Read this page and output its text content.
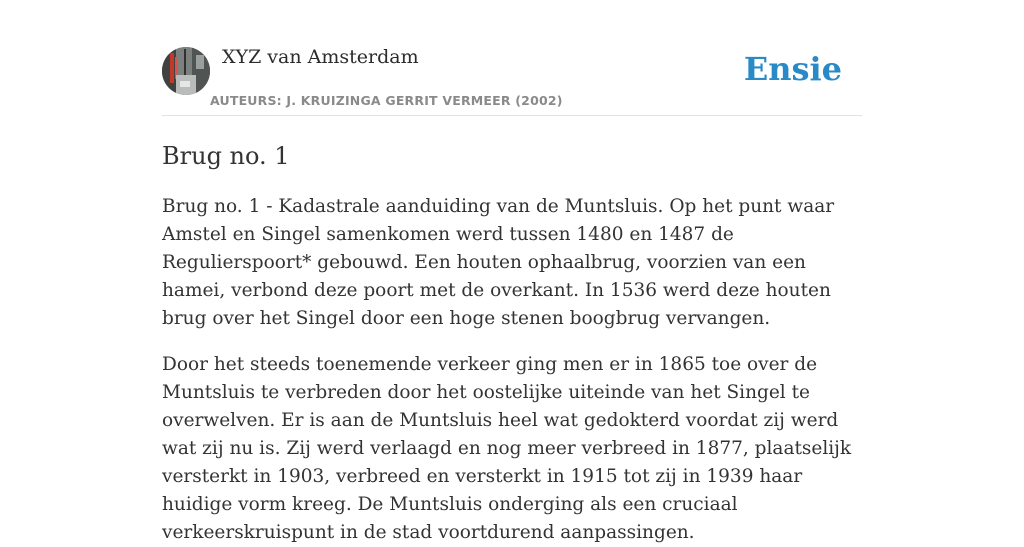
XYZ van Amsterdam
AUTEURS: J. KRUIZINGA GERRIT VERMEER (2002)
Ensie
Brug no. 1

Brug no. 1 - Kadastrale aanduiding van de Muntsluis. Op het punt waar Amstel en Singel samenkomen werd tussen 1480 en 1487 de Regulierspoort* gebouwd. Een houten ophaalbrug, voorzien van een hamei, verbond deze poort met de overkant. In 1536 werd deze houten brug over het Singel door een hoge stenen boogbrug vervangen.

Door het steeds toenemende verkeer ging men er in 1865 toe over de Muntsluis te verbreden door het oostelijke uiteinde van het Singel te overwelven. Er is aan de Muntsluis heel wat gedokterd voordat zij werd wat zij nu is. Zij werd verlaagd en nog meer verbreed in 1877, plaatselijk versterkt in 1903, verbreed en versterkt in 1915 tot zij in 1939 haar huidige vorm kreeg. De Muntsluis onderging als een cruciaal verkeerskruispunt in de stad voortdurend aanpassingen.
